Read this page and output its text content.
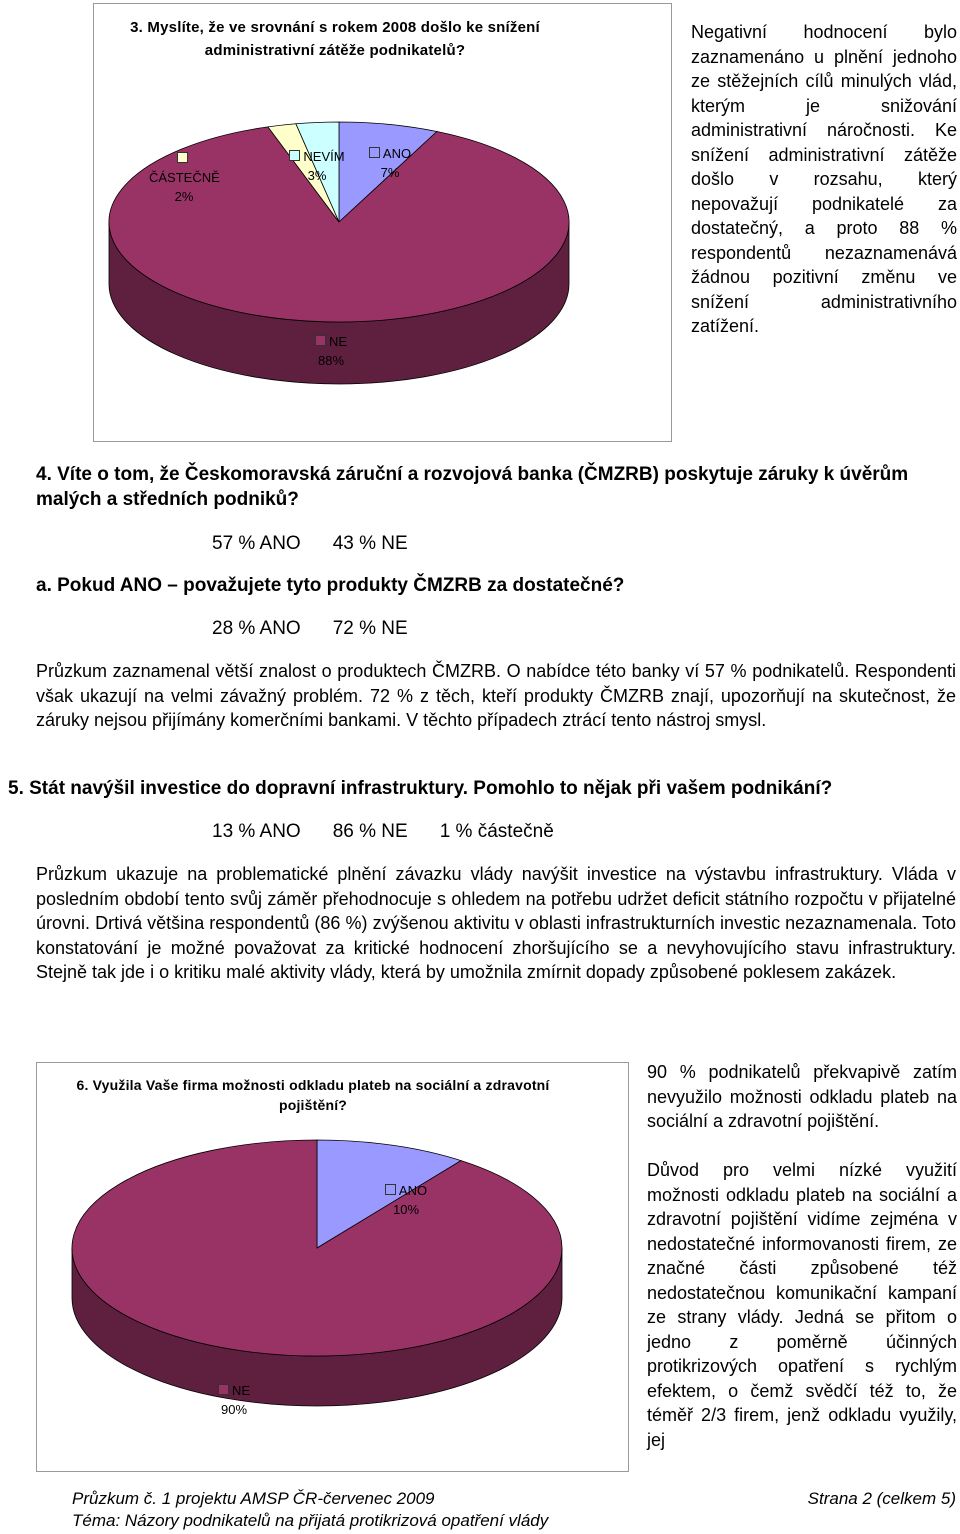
3. Myslíte, že ve srovnání s rokem 2008 došlo ke snížení administrativní zátěže podnikatelů?
ČÁSTEČNĚ
2%
NEVÍM
3%
ANO
7%
NE
88%
Negativní hodnocení bylo zaznamenáno u plnění jednoho ze stěžejních cílů minulých vlád, kterým je snižování administrativní náročnosti. Ke snížení administrativní zátěže došlo v rozsahu, který nepovažují podnikatelé za dostatečný, a proto 88 % respondentů nezaznamenává žádnou pozitivní změnu ve snížení administrativního zatížení.
4. Víte o tom, že Českomoravská záruční a rozvojová banka (ČMZRB) poskytuje záruky k úvěrům malých a středních podniků?
57 % ANO 43 % NE
a. Pokud ANO – považujete tyto produkty ČMZRB za dostatečné?
28 % ANO 72 % NE
Průzkum zaznamenal větší znalost o produktech ČMZRB. O nabídce této banky ví 57 % podnikatelů. Respondenti však ukazují na velmi závažný problém. 72 % z těch, kteří produkty ČMZRB znají, upozorňují na skutečnost, že záruky nejsou přijímány komerčními bankami. V těchto případech ztrácí tento nástroj smysl.
5. Stát navýšil investice do dopravní infrastruktury. Pomohlo to nějak při vašem podnikání?
13 % ANO 86 % NE 1 % částečně
Průzkum ukazuje na problematické plnění závazku vlády navýšit investice na výstavbu infrastruktury. Vláda v posledním období tento svůj záměr přehodnocuje s ohledem na potřebu udržet deficit státního rozpočtu v přijatelné úrovni. Drtivá většina respondentů (86 %) zvýšenou aktivitu v oblasti infrastrukturních investic nezaznamenala. Toto konstatování je možné považovat za kritické hodnocení zhoršujícího se a nevyhovujícího stavu infrastruktury. Stejně tak jde i o kritiku malé aktivity vlády, která by umožnila zmírnit dopady způsobené poklesem zakázek.
6. Využila Vaše firma možnosti odkladu plateb na sociální a zdravotní pojištění?
ANO
10%
NE
90%
90 % podnikatelů překvapivě zatím nevyužilo možnosti odkladu plateb na sociální a zdravotní pojištění.
Důvod pro velmi nízké využití možnosti odkladu plateb na sociální a zdravotní pojištění vidíme zejména v nedostatečné informovanosti firem, ze značné části způsobené též nedostatečnou komunikační kampaní ze strany vlády. Jedná se přitom o jedno z poměrně účinných protikrizových opatření s rychlým efektem, o čemž svědčí též to, že téměř 2/3 firem, jenž odkladu využily, jej
Průzkum č. 1 projektu AMSP ČR-červenec 2009	Strana 2 (celkem 5)
Téma: Názory podnikatelů na přijatá protikrizová opatření vlády
